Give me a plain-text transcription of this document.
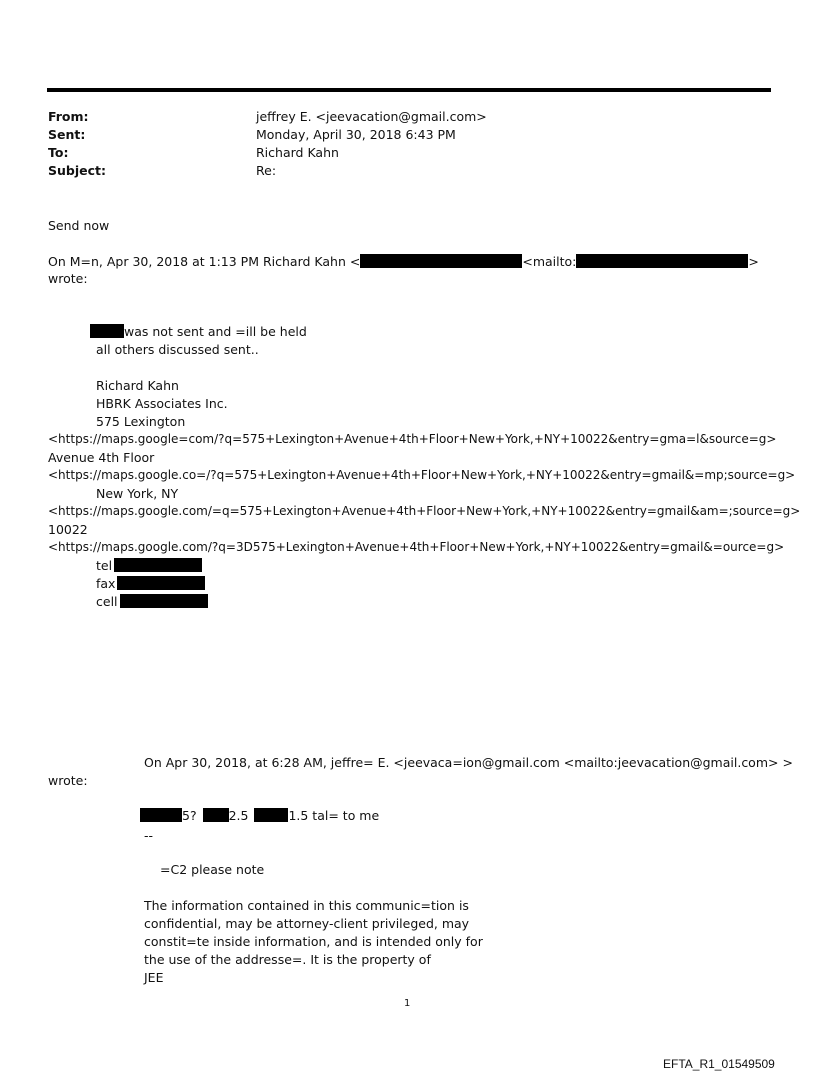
From:	jeffrey E. <jeevacation@gmail.com>
Sent:	Monday, April 30, 2018 6:43 PM
To:	Richard Kahn
Subject:	Re:
Send now
On M=n, Apr 30, 2018 at 1:13 PM Richard Kahn <	<mailto:	>
wrote:
was not sent and =ill be held
all others discussed sent..
Richard Kahn
HBRK Associates Inc.
575 Lexington
<https://maps.google=com/?q=575+Lexington+Avenue+4th+Floor+New+York,+NY+10022&entry=gma=l&source=g>
Avenue 4th Floor
<https://maps.google.co=/?q=575+Lexington+Avenue+4th+Floor+New+York,+NY+10022&entry=gmail&=mp;source=g>
New York, NY
<https://maps.google.com/=q=575+Lexington+Avenue+4th+Floor+New+York,+NY+10022&entry=gmail&am=;source=g>
10022
<https://maps.google.com/?q=3D575+Lexington+Avenue+4th+Floor+New+York,+NY+10022&entry=gmail&=ource=g>
tel
fax
cell
On Apr 30, 2018, at 6:28 AM, jeffre= E. <jeevaca=ion@gmail.com <mailto:jeevacation@gmail.com> >
wrote:
5?	2.5	1.5 tal= to me
--
=C2 please note
The information contained in this communic=tion is
confidential, may be attorney-client privileged, may
constit=te inside information, and is intended only for
the use of the addresse=. It is the property of
JEE
1
EFTA_R1_01549509
